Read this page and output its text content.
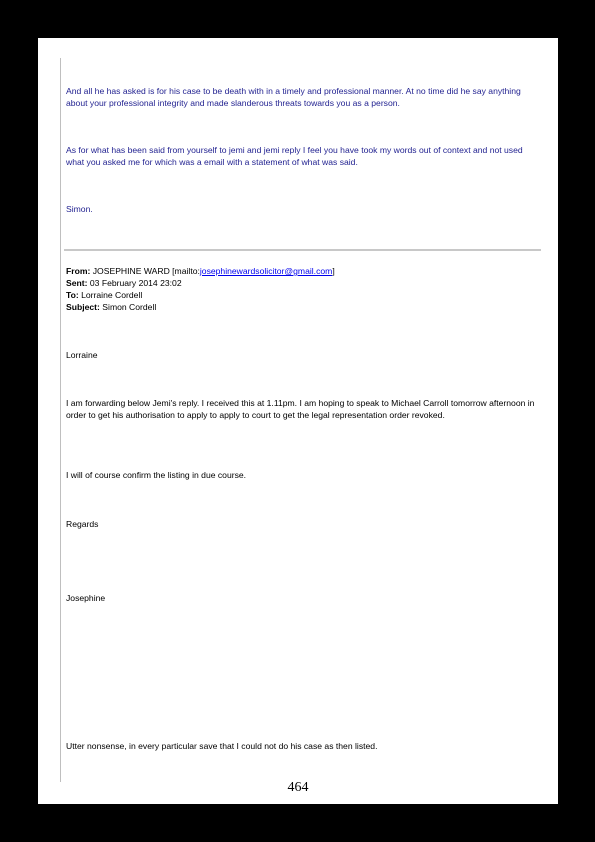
And all he has asked is for his case to be death with in a timely and professional manner. At no time did he say anything about your professional integrity and made slanderous threats towards you as a person.

As for what has been said from yourself to jemi and jemi reply I feel you have took my words out of context and not used what you asked me for which was a email with a statement of what was said.

Simon.

From: JOSEPHINE WARD [mailto:josephinewardsolicitor@gmail.com]
Sent: 03 February 2014 23:02
To: Lorraine Cordell
Subject: Simon Cordell

Lorraine

I am forwarding below Jemi's reply. I received this at 1.11pm. I am hoping to speak to Michael Carroll tomorrow afternoon in order to get his authorisation to apply to apply to court to get the legal representation order revoked.

I will of course confirm the listing in due course.

Regards

Josephine

Utter nonsense, in every particular save that I could not do his case as then listed.

464
